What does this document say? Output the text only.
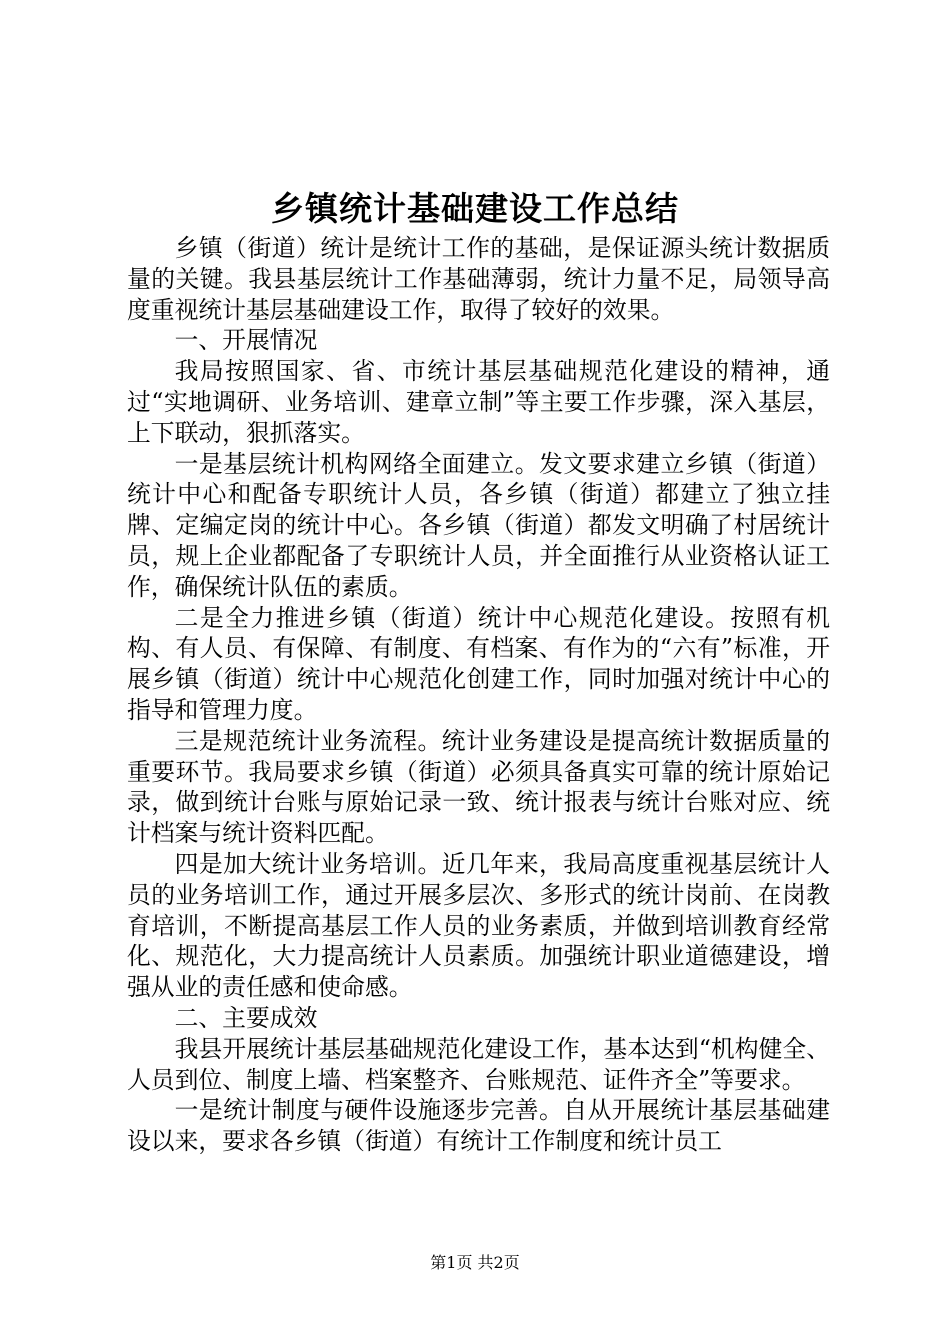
乡镇统计基础建设工作总结

乡镇（街道）统计是统计工作的基础，是保证源头统计数据质量的关键。我县基层统计工作基础薄弱，统计力量不足，局领导高度重视统计基层基础建设工作，取得了较好的效果。

一、开展情况

我局按照国家、省、市统计基层基础规范化建设的精神，通过“实地调研、业务培训、建章立制”等主要工作步骤，深入基层，上下联动，狠抓落实。

一是基层统计机构网络全面建立。发文要求建立乡镇（街道）统计中心和配备专职统计人员，各乡镇（街道）都建立了独立挂牌、定编定岗的统计中心。各乡镇（街道）都发文明确了村居统计员，规上企业都配备了专职统计人员，并全面推行从业资格认证工作，确保统计队伍的素质。

二是全力推进乡镇（街道）统计中心规范化建设。按照有机构、有人员、有保障、有制度、有档案、有作为的“六有”标准，开展乡镇（街道）统计中心规范化创建工作，同时加强对统计中心的指导和管理力度。

三是规范统计业务流程。统计业务建设是提高统计数据质量的重要环节。我局要求乡镇（街道）必须具备真实可靠的统计原始记录，做到统计台账与原始记录一致、统计报表与统计台账对应、统计档案与统计资料匹配。

四是加大统计业务培训。近几年来，我局高度重视基层统计人员的业务培训工作，通过开展多层次、多形式的统计岗前、在岗教育培训，不断提高基层工作人员的业务素质，并做到培训教育经常化、规范化，大力提高统计人员素质。加强统计职业道德建设，增强从业的责任感和使命感。

二、主要成效

我县开展统计基层基础规范化建设工作，基本达到“机构健全、人员到位、制度上墙、档案整齐、台账规范、证件齐全”等要求。

一是统计制度与硬件设施逐步完善。自从开展统计基层基础建设以来，要求各乡镇（街道）有统计工作制度和统计员工

第1页 共2页
